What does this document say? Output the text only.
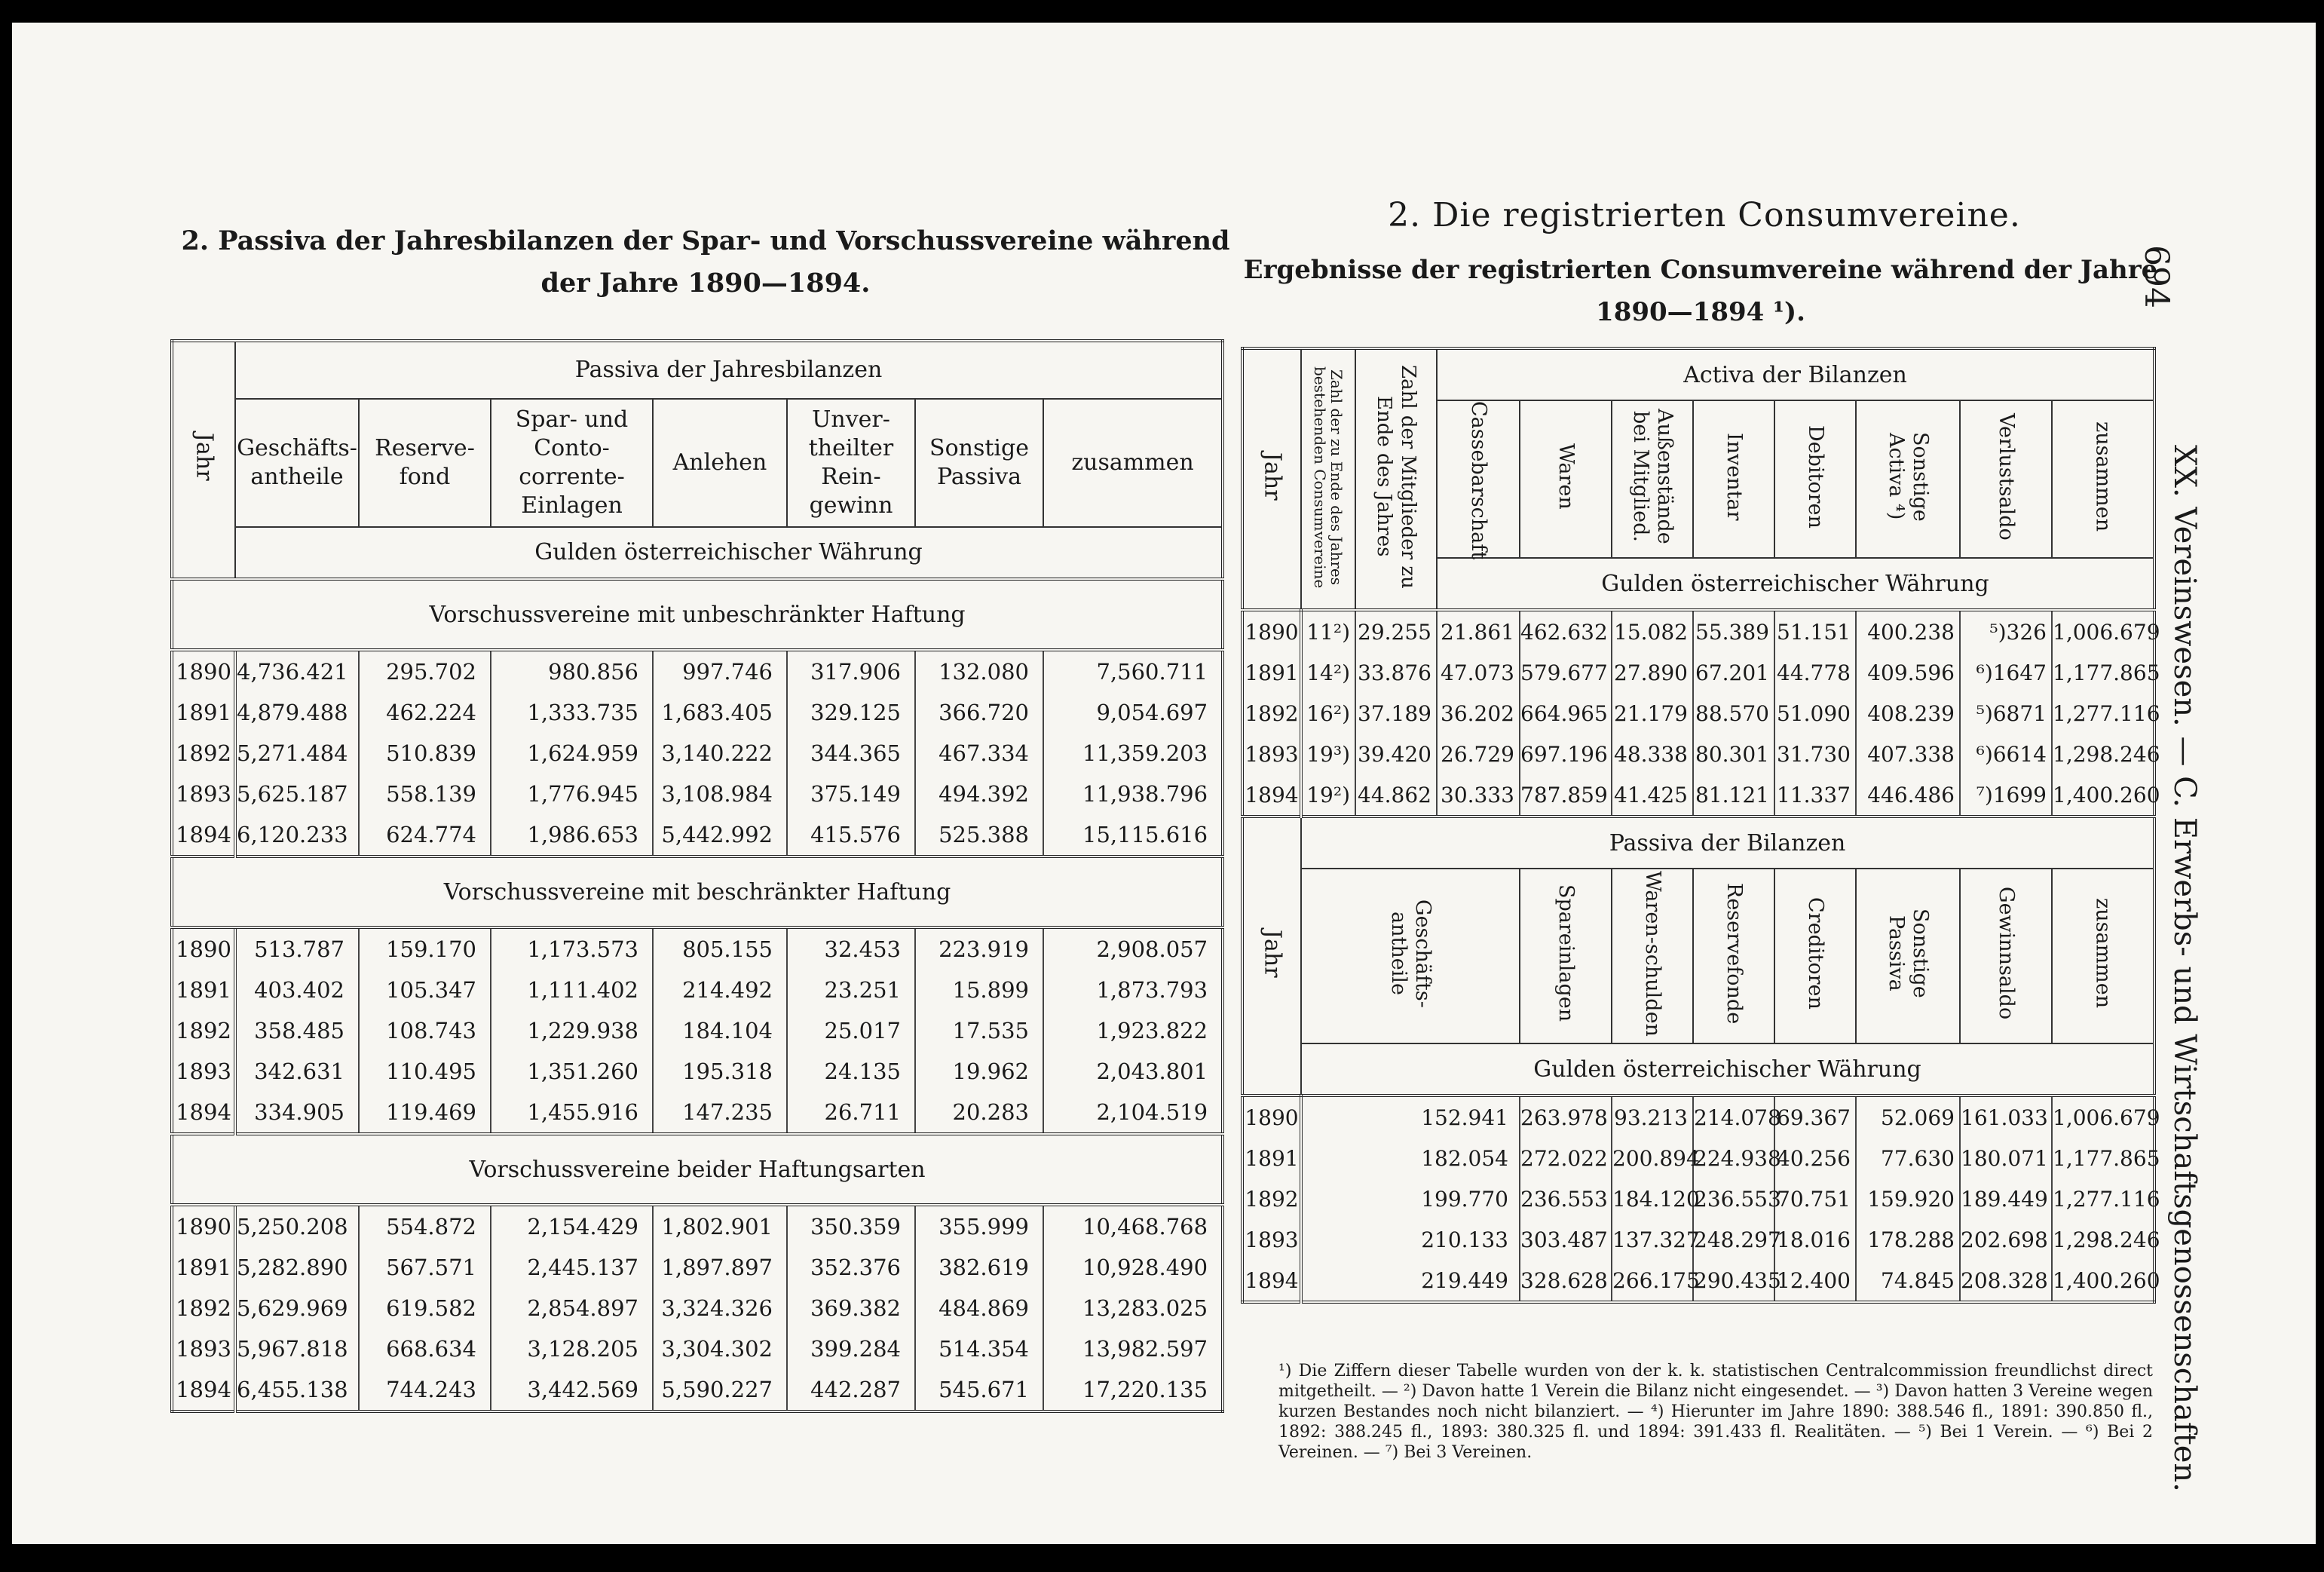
2. Passiva der Jahresbilanzen der Spar- und Vorschussvereine während der Jahre 1890—1894.
2. Die registrierten Consumvereine.
Ergebnisse der registrierten Consumvereine während der Jahre 1890—1894 ¹).
694
XX. Vereinswesen. — C. Erwerbs- und Wirtschaftsgenossenschaften.
Jahr	Passiva der Jahresbilanzen						
	Geschäfts-antheile	Reserve-fond	Spar- und Conto-corrente-Einlagen	Anlehen	Unver-theilter Rein-gewinn	Sonstige Passiva	zusammen
	Gulden österreichischer Währung						
Vorschussvereine mit unbeschränkter Haftung							
1890	4,736.421	295.702	980.856	997.746	317.906	132.080	7,560.711
1891	4,879.488	462.224	1,333.735	1,683.405	329.125	366.720	9,054.697
1892	5,271.484	510.839	1,624.959	3,140.222	344.365	467.334	11,359.203
1893	5,625.187	558.139	1,776.945	3,108.984	375.149	494.392	11,938.796
1894	6,120.233	624.774	1,986.653	5,442.992	415.576	525.388	15,115.616
Vorschussvereine mit beschränkter Haftung							
1890	513.787	159.170	1,173.573	805.155	32.453	223.919	2,908.057
1891	403.402	105.347	1,111.402	214.492	23.251	15.899	1,873.793
1892	358.485	108.743	1,229.938	184.104	25.017	17.535	1,923.822
1893	342.631	110.495	1,351.260	195.318	24.135	19.962	2,043.801
1894	334.905	119.469	1,455.916	147.235	26.711	20.283	2,104.519
Vorschussvereine beider Haftungsarten							
1890	5,250.208	554.872	2,154.429	1,802.901	350.359	355.999	10,468.768
1891	5,282.890	567.571	2,445.137	1,897.897	352.376	382.619	10,928.490
1892	5,629.969	619.582	2,854.897	3,324.326	369.382	484.869	13,283.025
1893	5,967.818	668.634	3,128.205	3,304.302	399.284	514.354	13,982.597
1894	6,455.138	744.243	3,442.569	5,590.227	442.287	545.671	17,220.135
Jahr	Zahl der zu Ende des Jahres bestehenden Consumvereine	Zahl der Mitglieder zu Ende des Jahres	Activa der Bilanzen							
			Cassebarschaft	Waren	Außenstände bei Mitglied.	Inventar	Debitoren	Sonstige Activa ⁴)	Verlustsaldo	zusammen
			Gulden österreichischer Währung							
1890	11²)	29.255	21.861	462.632	15.082	55.389	51.151	400.238	⁵)326	1,006.679
1891	14²)	33.876	47.073	579.677	27.890	67.201	44.778	409.596	⁶)1647	1,177.865
1892	16²)	37.189	36.202	664.965	21.179	88.570	51.090	408.239	⁵)6871	1,277.116
1893	19³)	39.420	26.729	697.196	48.338	80.301	31.730	407.338	⁶)6614	1,298.246
1894	19²)	44.862	30.333	787.859	41.425	81.121	11.337	446.486	⁷)1699	1,400.260
Jahr	Passiva der Bilanzen									
	Geschäfts-antheile			Spareinlagen	Waren-schulden	Reservefonde	Creditoren	Sonstige Passiva	Gewinnsaldo	zusammen
	Gulden österreichischer Währung									
1890	152.941			263.978	93.213	214.078	69.367	52.069	161.033	1,006.679
1891	182.054			272.022	200.894	224.938	40.256	77.630	180.071	1,177.865
1892	199.770			236.553	184.120	236.553	70.751	159.920	189.449	1,277.116
1893	210.133			303.487	137.327	248.297	18.016	178.288	202.698	1,298.246
1894	219.449			328.628	266.175	290.435	12.400	74.845	208.328	1,400.260
¹) Die Ziffern dieser Tabelle wurden von der k. k. statistischen Centralcommission freundlichst direct mitgetheilt. — ²) Davon hatte 1 Verein die Bilanz nicht eingesendet. — ³) Davon hatten 3 Vereine wegen kurzen Bestandes noch nicht bilanziert. — ⁴) Hierunter im Jahre 1890: 388.546 fl., 1891: 390.850 fl., 1892: 388.245 fl., 1893: 380.325 fl. und 1894: 391.433 fl. Realitäten. — ⁵) Bei 1 Verein. — ⁶) Bei 2 Vereinen. — ⁷) Bei 3 Vereinen.
